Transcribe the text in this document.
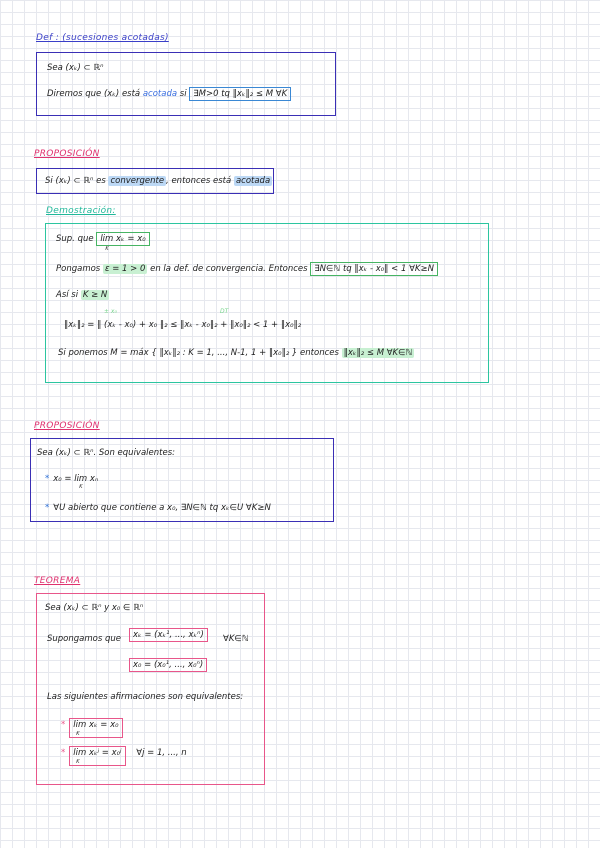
Def : (sucesiones acotadas)
Sea (xₖ) ⊂ ℝⁿ
Diremos que (xₖ) está acotada si ∃M>0 tq ‖xₖ‖₂ ≤ M ∀K
PROPOSICIÓN
Si (xₖ) ⊂ ℝⁿ es convergente , entonces está acotada
Demostración:
Sup. que lim xₖ = x₀
K
Pongamos ε = 1 > 0 en la def. de convergencia. Entonces ∃N∈ℕ tq ‖xₖ - x₀‖ < 1 ∀K≥N
Así si K ≥ N
± x₀	DT
‖xₖ‖₂ = ‖ (xₖ - x₀) + x₀ ‖₂ ≤ ‖xₖ - x₀‖₂ + ‖x₀‖₂ < 1 + ‖x₀‖₂
Si ponemos M = máx { ‖xₖ‖₂ : K = 1, ..., N-1, 1 + ‖x₀‖₂ } entonces ‖xₖ‖₂ ≤ M ∀K∈ℕ
PROPOSICIÓN
Sea (xₖ) ⊂ ℝⁿ. Son equivalentes:
* x₀ = lim xₙ
K
* ∀U abierto que contiene a x₀, ∃N∈ℕ tq xₖ∈U ∀K≥N
TEOREMA
Sea (xₖ) ⊂ ℝⁿ y x₀ ∈ ℝⁿ
Supongamos que	xₖ = (xₖ¹, ..., xₖⁿ)	∀K∈ℕ
x₀ = (x₀¹, ..., x₀ⁿ)
Las siguientes afirmaciones son equivalentes:
* lim xₖ = x₀
K
* lim xₖʲ = x₀ʲ
K
∀j = 1, ..., n
